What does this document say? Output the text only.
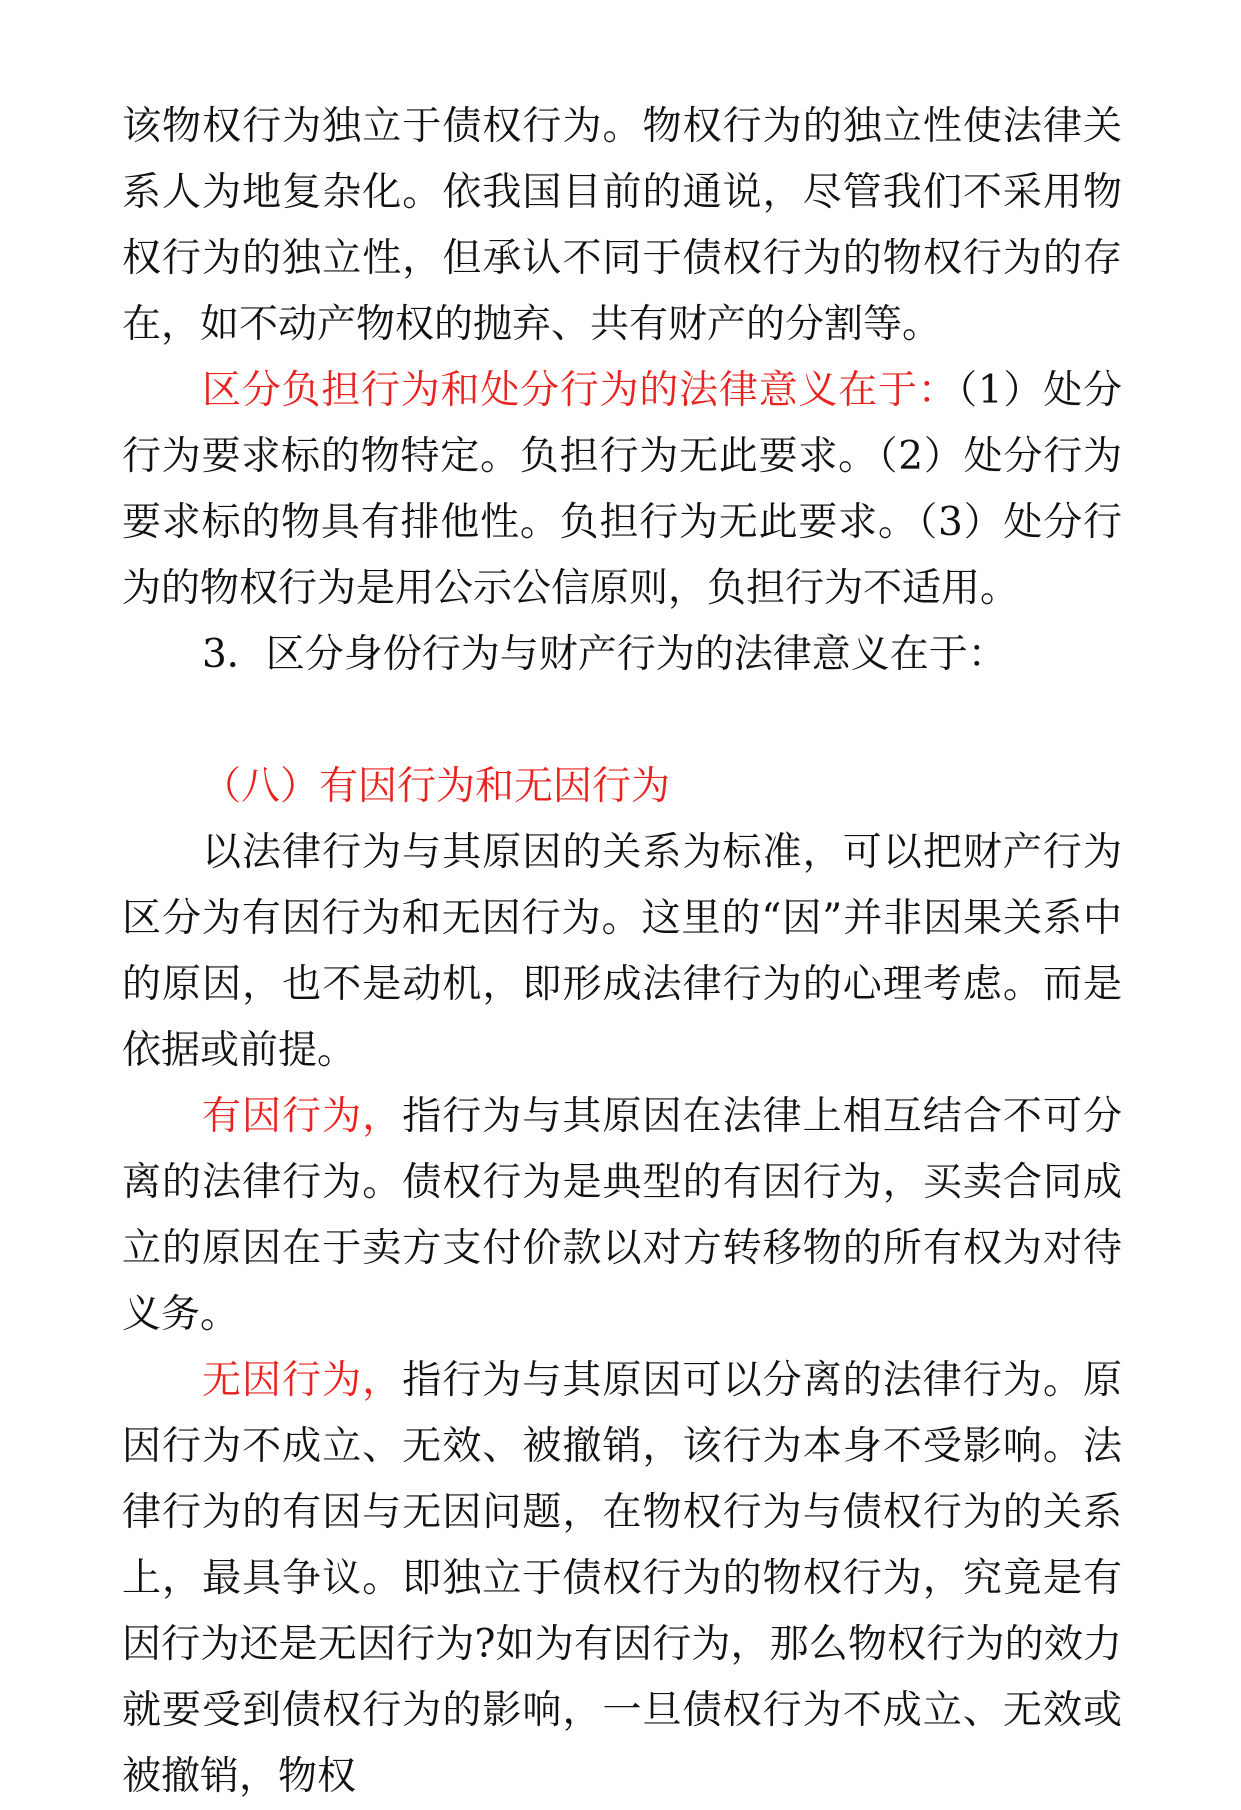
该物权行为独立于债权行为。物权行为的独立性使法律关系人为地复杂化。依我国目前的通说，尽管我们不采用物权行为的独立性，但承认不同于债权行为的物权行为的存在，如不动产物权的抛弃、共有财产的分割等。

区分负担行为和处分行为的法律意义在于：（1）处分行为要求标的物特定。负担行为无此要求。（2）处分行为要求标的物具有排他性。负担行为无此要求。（3）处分行为的物权行为是用公示公信原则，负担行为不适用。

3．区分身份行为与财产行为的法律意义在于：

（八）有因行为和无因行为

以法律行为与其原因的关系为标准，可以把财产行为区分为有因行为和无因行为。这里的“因”并非因果关系中的原因，也不是动机，即形成法律行为的心理考虑。而是依据或前提。

有因行为，指行为与其原因在法律上相互结合不可分离的法律行为。债权行为是典型的有因行为，买卖合同成立的原因在于卖方支付价款以对方转移物的所有权为对待义务。

无因行为，指行为与其原因可以分离的法律行为。原因行为不成立、无效、被撤销，该行为本身不受影响。法律行为的有因与无因问题，在物权行为与债权行为的关系上，最具争议。即独立于债权行为的物权行为，究竟是有因行为还是无因行为?如为有因行为，那么物权行为的效力就要受到债权行为的影响，一旦债权行为不成立、无效或被撤销，物权
